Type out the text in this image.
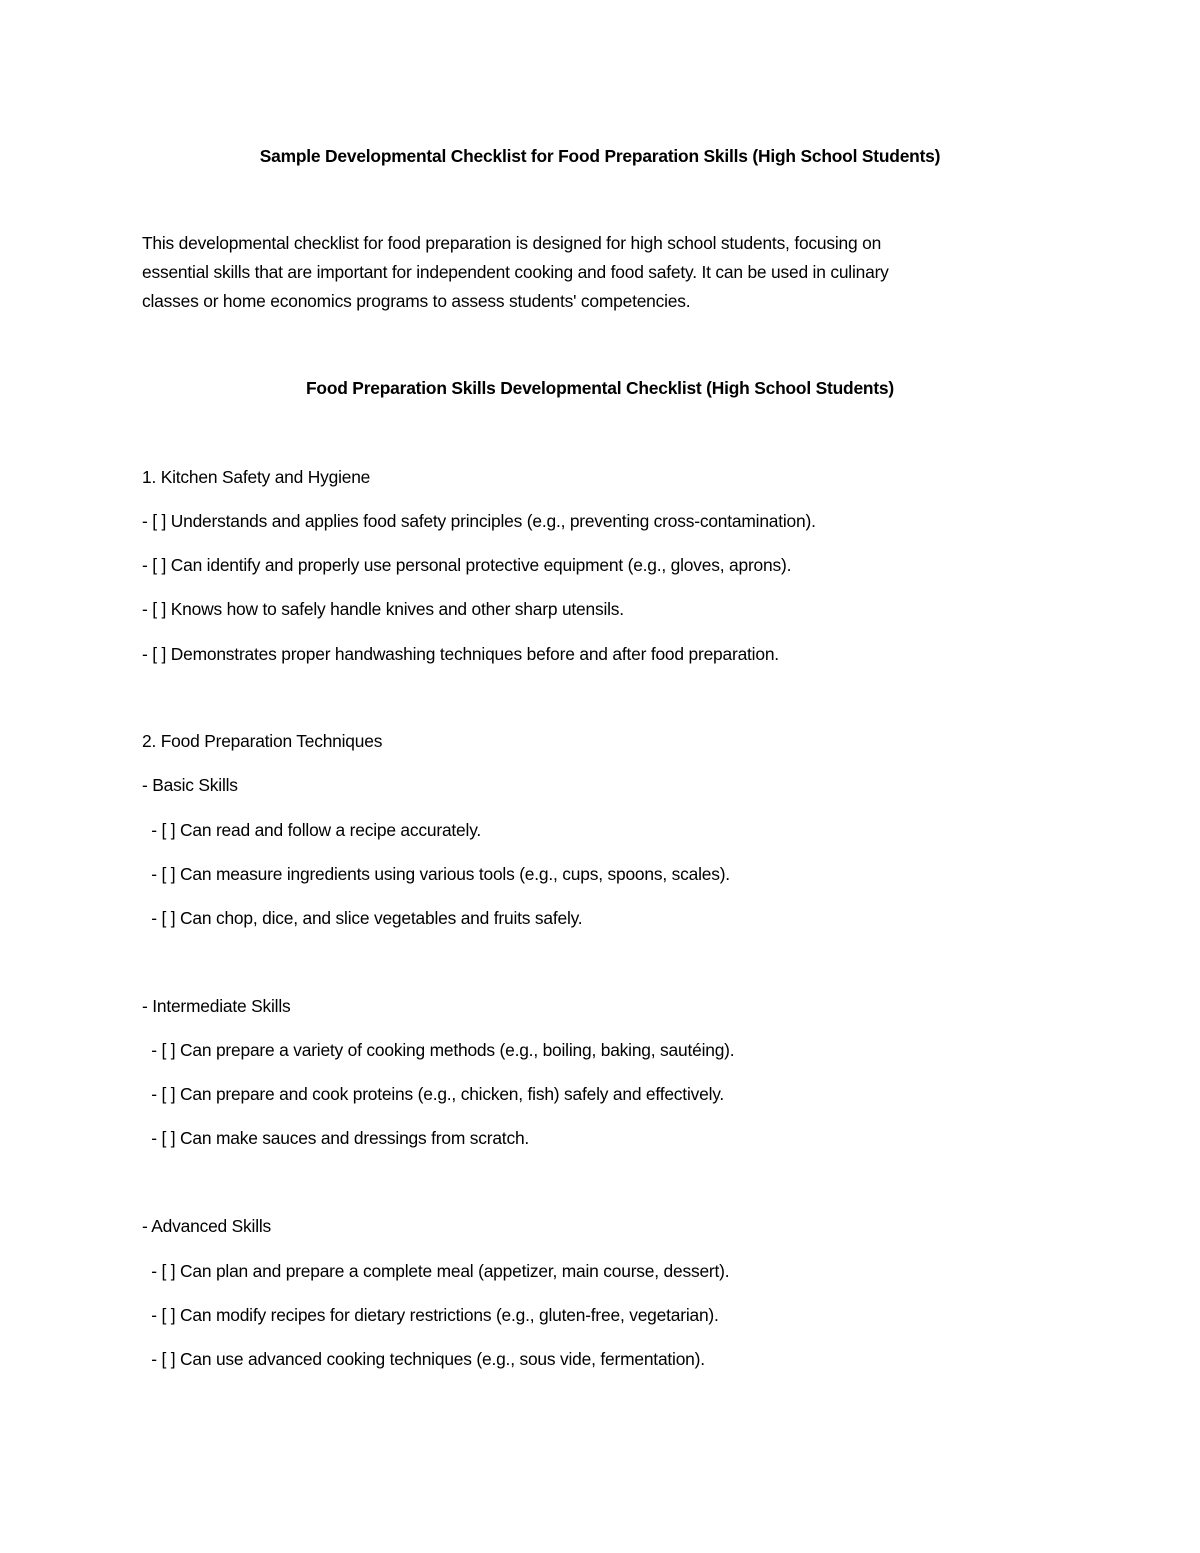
Sample Developmental Checklist for Food Preparation Skills (High School Students)
This developmental checklist for food preparation is designed for high school students, focusing on
essential skills that are important for independent cooking and food safety. It can be used in culinary
classes or home economics programs to assess students' competencies.
Food Preparation Skills Developmental Checklist (High School Students)
1. Kitchen Safety and Hygiene
- [ ] Understands and applies food safety principles (e.g., preventing cross-contamination).
- [ ] Can identify and properly use personal protective equipment (e.g., gloves, aprons).
- [ ] Knows how to safely handle knives and other sharp utensils.
- [ ] Demonstrates proper handwashing techniques before and after food preparation.
2. Food Preparation Techniques
- Basic Skills
- [ ] Can read and follow a recipe accurately.
- [ ] Can measure ingredients using various tools (e.g., cups, spoons, scales).
- [ ] Can chop, dice, and slice vegetables and fruits safely.
- Intermediate Skills
- [ ] Can prepare a variety of cooking methods (e.g., boiling, baking, sautéing).
- [ ] Can prepare and cook proteins (e.g., chicken, fish) safely and effectively.
- [ ] Can make sauces and dressings from scratch.
- Advanced Skills
- [ ] Can plan and prepare a complete meal (appetizer, main course, dessert).
- [ ] Can modify recipes for dietary restrictions (e.g., gluten-free, vegetarian).
- [ ] Can use advanced cooking techniques (e.g., sous vide, fermentation).
